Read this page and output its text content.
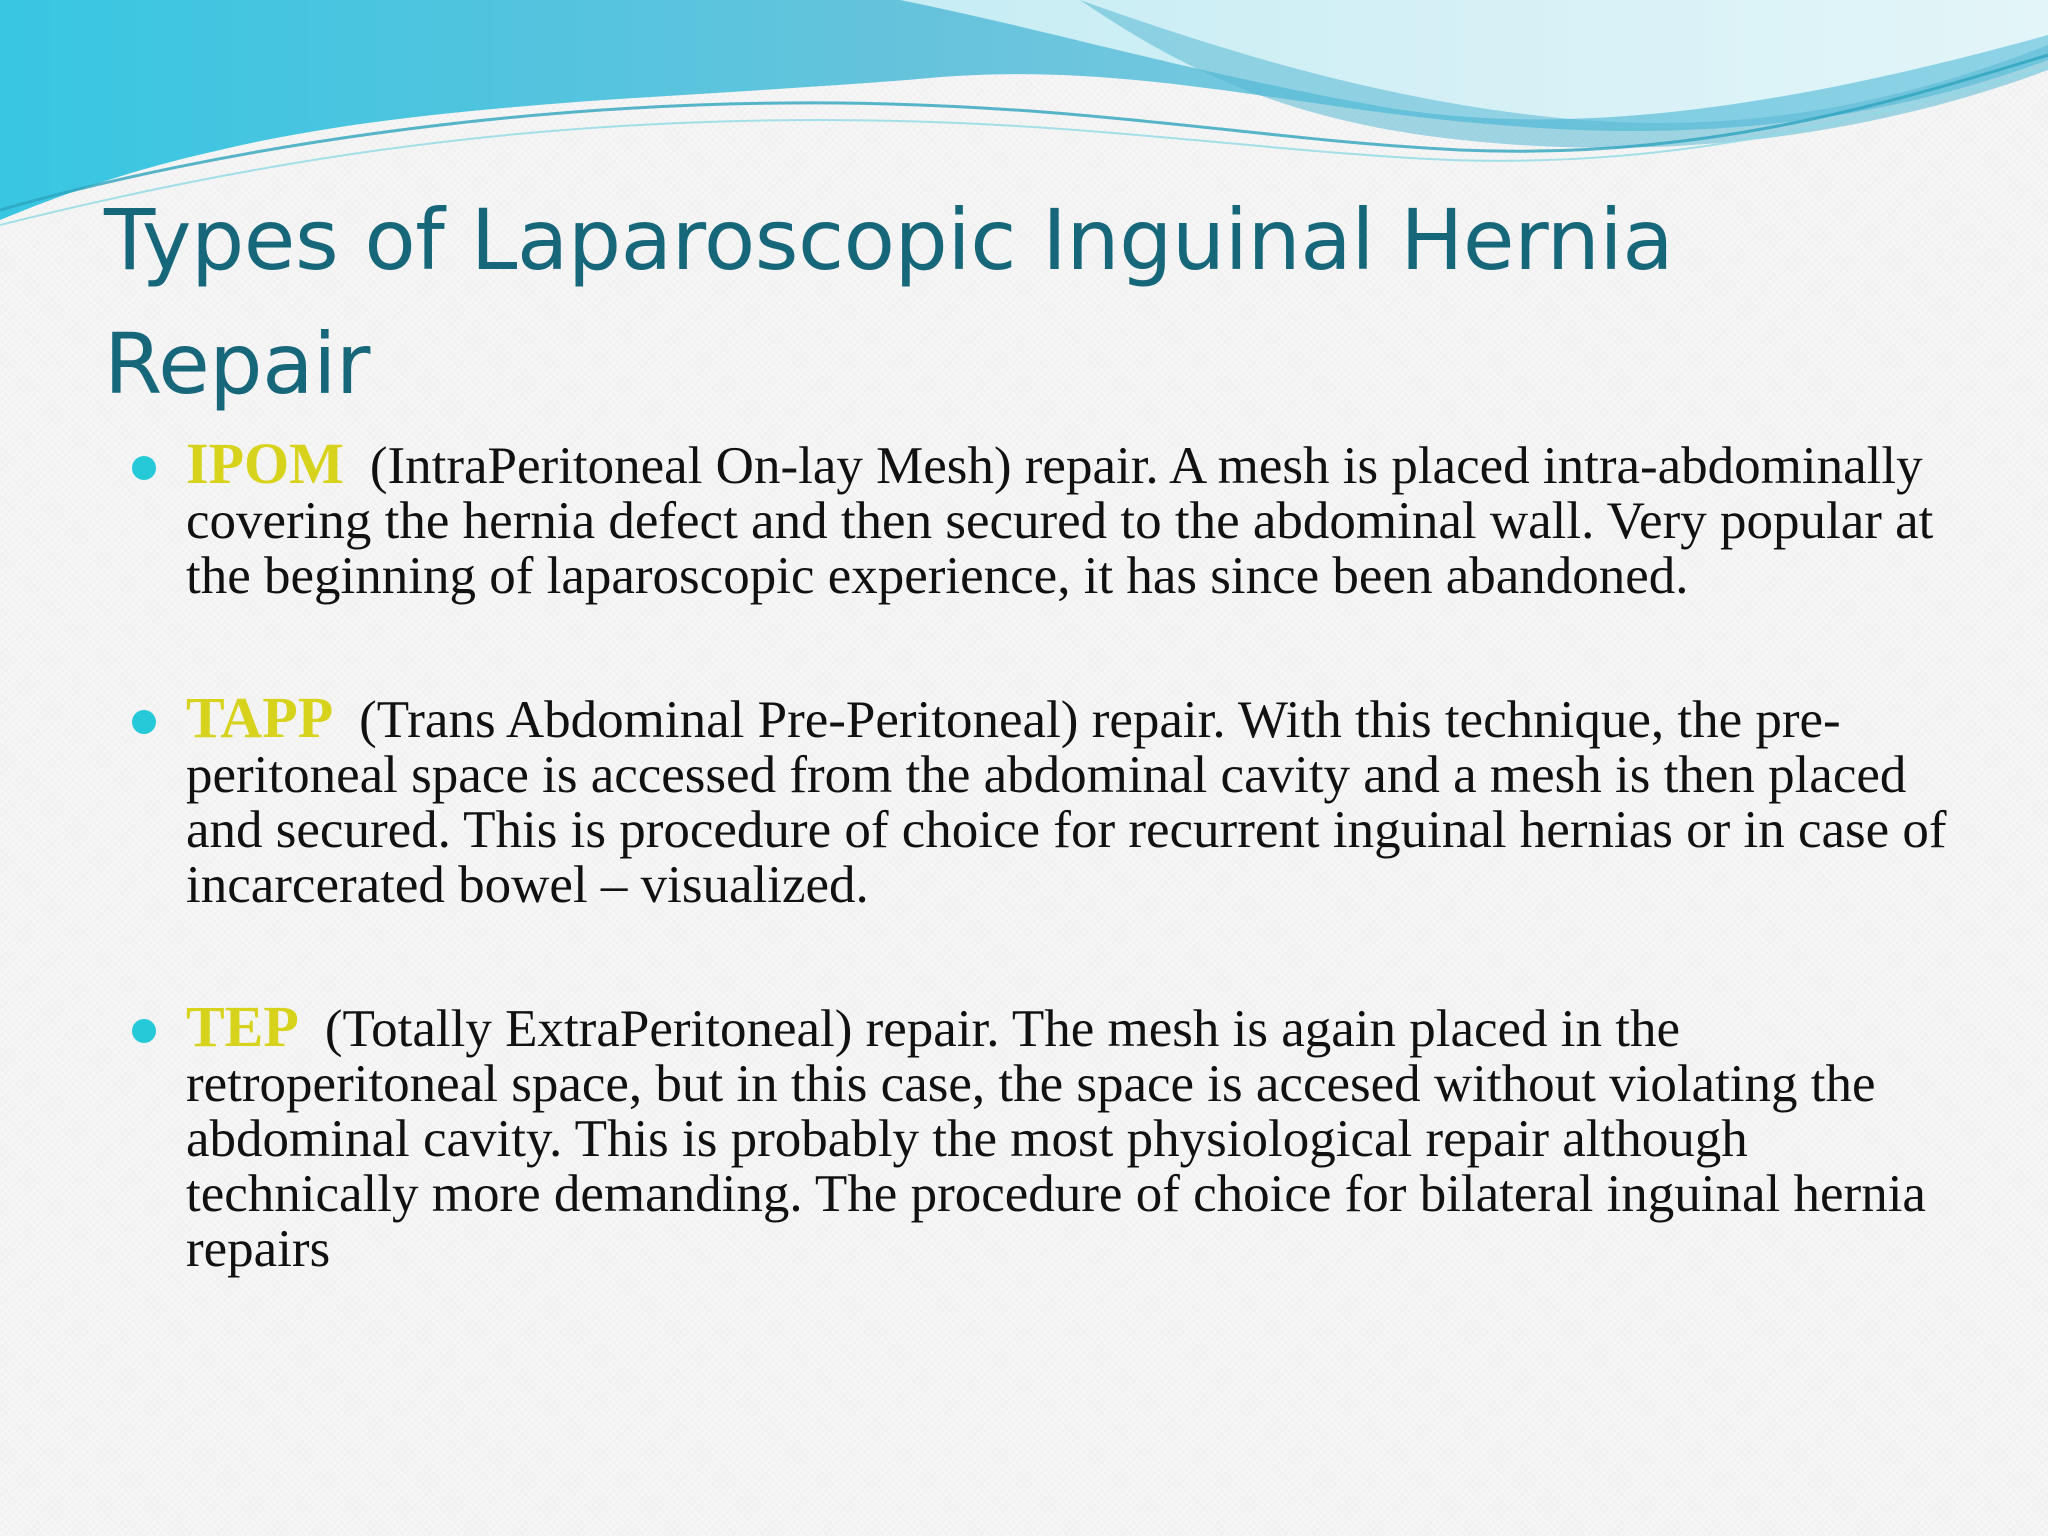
Types of Laparoscopic Inguinal Hernia Repair
IPOM (IntraPeritoneal On-lay Mesh) repair. A mesh is placed intra-abdominally covering the hernia defect and then secured to the abdominal wall. Very popular at the beginning of laparoscopic experience, it has since been abandoned.
TAPP (Trans Abdominal Pre-Peritoneal) repair. With this technique, the pre-peritoneal space is accessed from the abdominal cavity and a mesh is then placed and secured. This is procedure of choice for recurrent inguinal hernias or in case of incarcerated bowel – visualized.
TEP (Totally ExtraPeritoneal) repair. The mesh is again placed in the retroperitoneal space, but in this case, the space is accesed without violating the abdominal cavity. This is probably the most physiological repair although technically more demanding. The procedure of choice for bilateral inguinal hernia repairs
